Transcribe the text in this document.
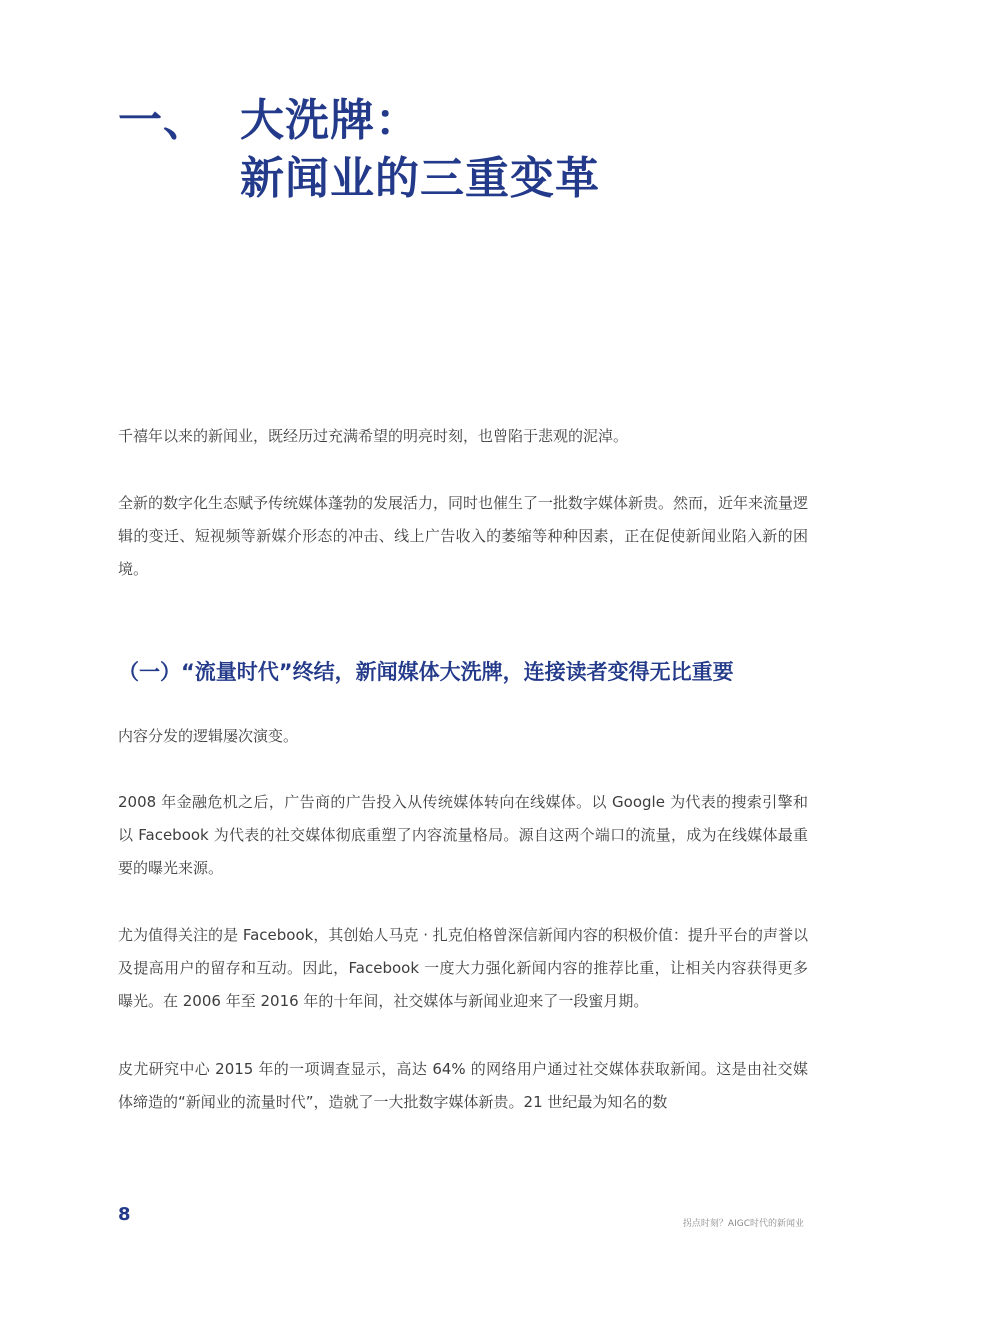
一、 大洗牌：
新闻业的三重变革

千禧年以来的新闻业，既经历过充满希望的明亮时刻，也曾陷于悲观的泥淖。

全新的数字化生态赋予传统媒体蓬勃的发展活力，同时也催生了一批数字媒体新贵。然而，近年来流量逻辑的变迁、短视频等新媒介形态的冲击、线上广告收入的萎缩等种种因素，正在促使新闻业陷入新的困境。

（一）“流量时代”终结，新闻媒体大洗牌，连接读者变得无比重要

内容分发的逻辑屡次演变。

2008 年金融危机之后，广告商的广告投入从传统媒体转向在线媒体。以 Google 为代表的搜索引擎和以 Facebook 为代表的社交媒体彻底重塑了内容流量格局。源自这两个端口的流量，成为在线媒体最重要的曝光来源。

尤为值得关注的是 Facebook，其创始人马克 · 扎克伯格曾深信新闻内容的积极价值：提升平台的声誉以及提高用户的留存和互动。因此，Facebook 一度大力强化新闻内容的推荐比重，让相关内容获得更多曝光。在 2006 年至 2016 年的十年间，社交媒体与新闻业迎来了一段蜜月期。

皮尤研究中心 2015 年的一项调查显示，高达 64% 的网络用户通过社交媒体获取新闻。这是由社交媒体缔造的“新闻业的流量时代”，造就了一大批数字媒体新贵。21 世纪最为知名的数

8	拐点时刻？AIGC时代的新闻业
